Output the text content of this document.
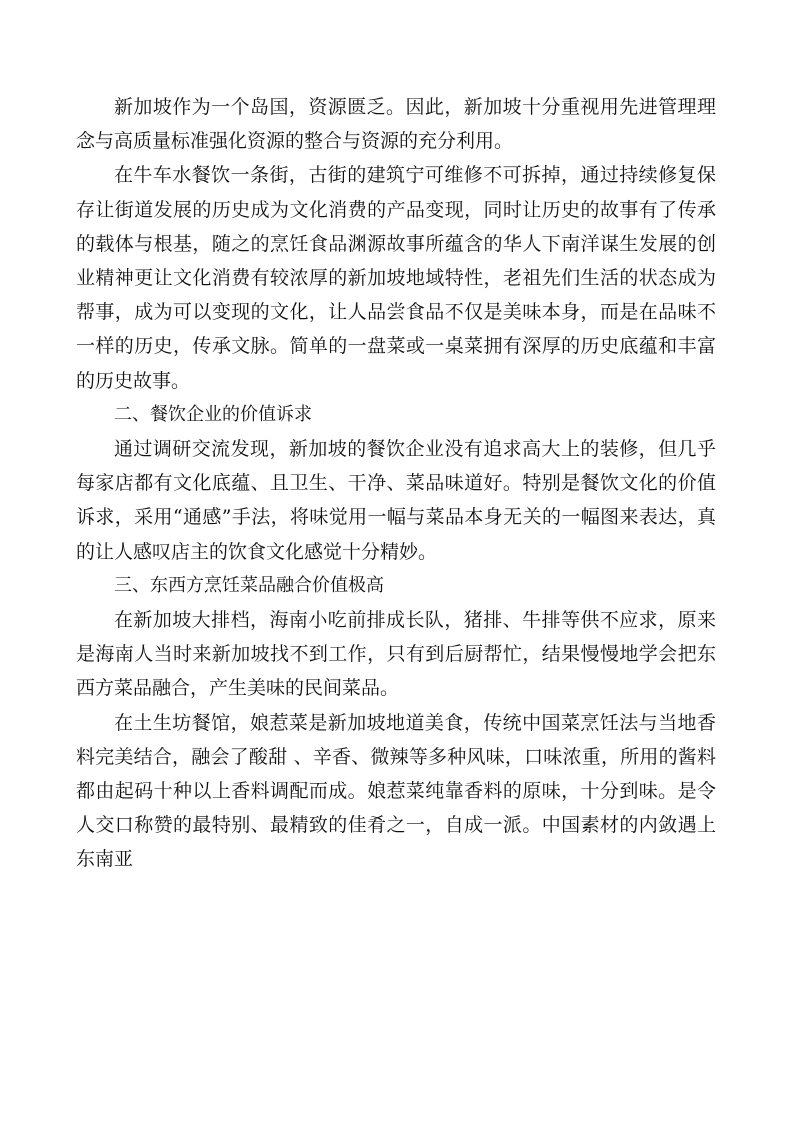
新加坡作为一个岛国，资源匮乏。因此，新加坡十分重视用先进管理理念与高质量标准强化资源的整合与资源的充分利用。

在牛车水餐饮一条街，古街的建筑宁可维修不可拆掉，通过持续修复保存让街道发展的历史成为文化消费的产品变现，同时让历史的故事有了传承的载体与根基，随之的烹饪食品渊源故事所蕴含的华人下南洋谋生发展的创业精神更让文化消费有较浓厚的新加坡地域特性，老祖先们生活的状态成为帮事，成为可以变现的文化，让人品尝食品不仅是美味本身，而是在品味不一样的历史，传承文脉。简单的一盘菜或一桌菜拥有深厚的历史底蕴和丰富的历史故事。

二、餐饮企业的价值诉求

通过调研交流发现，新加坡的餐饮企业没有追求高大上的装修，但几乎每家店都有文化底蕴、且卫生、干净、菜品味道好。特别是餐饮文化的价值诉求，采用“通感”手法，将味觉用一幅与菜品本身无关的一幅图来表达，真的让人感叹店主的饮食文化感觉十分精妙。

三、东西方烹饪菜品融合价值极高

在新加坡大排档，海南小吃前排成长队，猪排、牛排等供不应求，原来是海南人当时来新加坡找不到工作，只有到后厨帮忙，结果慢慢地学会把东西方菜品融合，产生美味的民间菜品。

在土生坊餐馆，娘惹菜是新加坡地道美食，传统中国菜烹饪法与当地香料完美结合，融会了酸甜 、辛香、微辣等多种风味，口味浓重，所用的酱料都由起码十种以上香料调配而成。娘惹菜纯靠香料的原味，十分到味。是令人交口称赞的最特别、最精致的佳肴之一，自成一派。中国素材的内敛遇上东南亚
